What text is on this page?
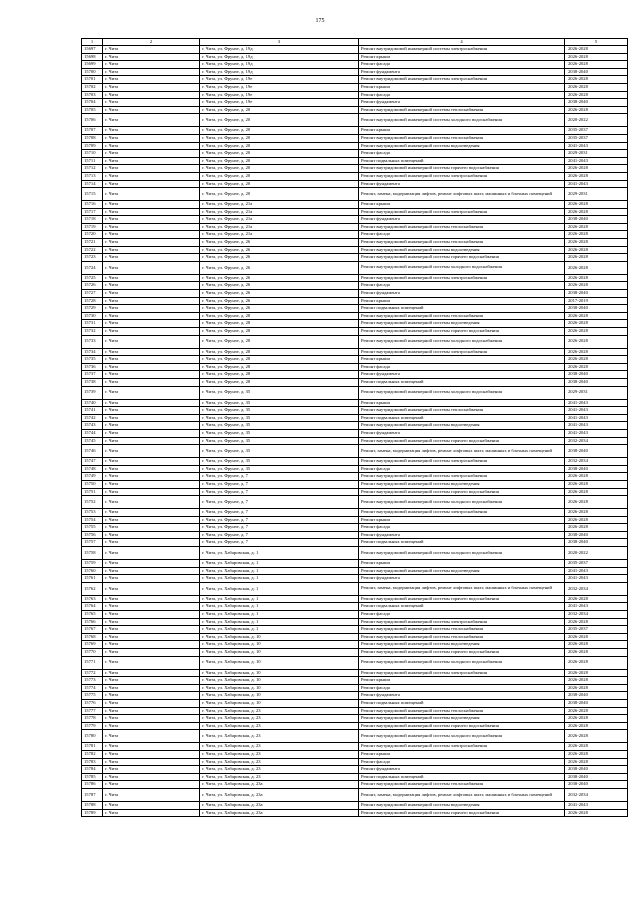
175
1	2	3	4	5
15697	г. Чита	г. Чита, ул. Фрунзе, д. 19д	Ремонт внутридомовой инженерной системы электроснабжения	2026-2028
15698	г. Чита	г. Чита, ул. Фрунзе, д. 19д	Ремонт крыши	2026-2028
15699	г. Чита	г. Чита, ул. Фрунзе, д. 19д	Ремонт фасада	2026-2028
15700	г. Чита	г. Чита, ул. Фрунзе, д. 19д	Ремонт фундамента	2038-2040
15701	г. Чита	г. Чита, ул. Фрунзе, д. 19е	Ремонт внутридомовой инженерной системы электроснабжения	2026-2028
15702	г. Чита	г. Чита, ул. Фрунзе, д. 19е	Ремонт крыши	2026-2028
15703	г. Чита	г. Чита, ул. Фрунзе, д. 19е	Ремонт фасада	2026-2028
15704	г. Чита	г. Чита, ул. Фрунзе, д. 19е	Ремонт фундамента	2038-2040
15705	г. Чита	г. Чита, ул. Фрунзе, д. 20	Ремонт внутридомовой инженерной системы теплоснабжения	2026-2028
15706	г. Чита	г. Чита, ул. Фрунзе, д. 20	Ремонт внутридомовой инженерной системы холодного водоснабжения	2020-2022
15707	г. Чита	г. Чита, ул. Фрунзе, д. 20	Ремонт крыши	2035-2037
15708	г. Чита	г. Чита, ул. Фрунзе, д. 20	Ремонт внутридомовой инженерной системы теплоснабжения	2035-2037
15709	г. Чита	г. Чита, ул. Фрунзе, д. 20	Ремонт внутридомовой инженерной системы водоотведения	2041-2043
15710	г. Чита	г. Чита, ул. Фрунзе, д. 20	Ремонт фасада	2029-2031
15711	г. Чита	г. Чита, ул. Фрунзе, д. 20	Ремонт подвальных помещений	2041-2043
15712	г. Чита	г. Чита, ул. Фрунзе, д. 20	Ремонт внутридомовой инженерной системы горячего водоснабжения	2026-2028
15713	г. Чита	г. Чита, ул. Фрунзе, д. 20	Ремонт внутридомовой инженерной системы электроснабжения	2026-2028
15714	г. Чита	г. Чита, ул. Фрунзе, д. 20	Ремонт фундамента	2041-2043
15715	г. Чита	г. Чита, ул. Фрунзе, д. 20	Ремонт, замена, модернизация лифтов, ремонт лифтовых шахт, машинных и блочных помещений	2029-2031
15716	г. Чита	г. Чита, ул. Фрунзе, д. 21а	Ремонт крыши	2026-2028
15717	г. Чита	г. Чита, ул. Фрунзе, д. 21а	Ремонт внутридомовой инженерной системы электроснабжения	2026-2028
15718	г. Чита	г. Чита, ул. Фрунзе, д. 21а	Ремонт фундамента	2038-2040
15719	г. Чита	г. Чита, ул. Фрунзе, д. 21а	Ремонт внутридомовой инженерной системы теплоснабжения	2026-2028
15720	г. Чита	г. Чита, ул. Фрунзе, д. 21а	Ремонт фасада	2026-2028
15721	г. Чита	г. Чита, ул. Фрунзе, д. 26	Ремонт внутридомовой инженерной системы теплоснабжения	2026-2028
15722	г. Чита	г. Чита, ул. Фрунзе, д. 26	Ремонт внутридомовой инженерной системы водоотведения	2026-2028
15723	г. Чита	г. Чита, ул. Фрунзе, д. 26	Ремонт внутридомовой инженерной системы горячего водоснабжения	2026-2028
15724	г. Чита	г. Чита, ул. Фрунзе, д. 26	Ремонт внутридомовой инженерной системы холодного водоснабжения	2026-2028
15725	г. Чита	г. Чита, ул. Фрунзе, д. 26	Ремонт внутридомовой инженерной системы электроснабжения	2026-2028
15726	г. Чита	г. Чита, ул. Фрунзе, д. 26	Ремонт фасада	2026-2028
15727	г. Чита	г. Чита, ул. Фрунзе, д. 26	Ремонт фундамента	2038-2040
15728	г. Чита	г. Чита, ул. Фрунзе, д. 26	Ремонт крыши	2017-2019
15729	г. Чита	г. Чита, ул. Фрунзе, д. 26	Ремонт подвальных помещений	2038-2040
15730	г. Чита	г. Чита, ул. Фрунзе, д. 28	Ремонт внутридомовой инженерной системы теплоснабжения	2026-2028
15731	г. Чита	г. Чита, ул. Фрунзе, д. 28	Ремонт внутридомовой инженерной системы водоотведения	2026-2028
15732	г. Чита	г. Чита, ул. Фрунзе, д. 28	Ремонт внутридомовой инженерной системы горячего водоснабжения	2026-2028
15733	г. Чита	г. Чита, ул. Фрунзе, д. 28	Ремонт внутридомовой инженерной системы холодного водоснабжения	2026-2028
15734	г. Чита	г. Чита, ул. Фрунзе, д. 28	Ремонт внутридомовой инженерной системы электроснабжения	2026-2028
15735	г. Чита	г. Чита, ул. Фрунзе, д. 28	Ремонт крыши	2026-2028
15736	г. Чита	г. Чита, ул. Фрунзе, д. 28	Ремонт фасада	2026-2028
15737	г. Чита	г. Чита, ул. Фрунзе, д. 28	Ремонт фундамента	2038-2040
15738	г. Чита	г. Чита, ул. Фрунзе, д. 28	Ремонт подвальных помещений	2038-2040
15739	г. Чита	г. Чита, ул. Фрунзе, д. 35	Ремонт внутридомовой инженерной системы холодного водоснабжения	2029-2031
15740	г. Чита	г. Чита, ул. Фрунзе, д. 35	Ремонт крыши	2041-2043
15741	г. Чита	г. Чита, ул. Фрунзе, д. 35	Ремонт внутридомовой инженерной системы теплоснабжения	2041-2043
15742	г. Чита	г. Чита, ул. Фрунзе, д. 35	Ремонт подвальных помещений	2041-2043
15743	г. Чита	г. Чита, ул. Фрунзе, д. 35	Ремонт внутридомовой инженерной системы водоотведения	2041-2043
15744	г. Чита	г. Чита, ул. Фрунзе, д. 35	Ремонт фундамента	2041-2043
15745	г. Чита	г. Чита, ул. Фрунзе, д. 35	Ремонт внутридомовой инженерной системы горячего водоснабжения	2032-2034
15746	г. Чита	г. Чита, ул. Фрунзе, д. 35	Ремонт, замена, модернизация лифтов, ремонт лифтовых шахт, машинных и блочных помещений	2038-2040
15747	г. Чита	г. Чита, ул. Фрунзе, д. 35	Ремонт внутридомовой инженерной системы электроснабжения	2032-2034
15748	г. Чита	г. Чита, ул. Фрунзе, д. 35	Ремонт фасада	2038-2040
15749	г. Чита	г. Чита, ул. Фрунзе, д. 7	Ремонт внутридомовой инженерной системы электроснабжения	2026-2028
15750	г. Чита	г. Чита, ул. Фрунзе, д. 7	Ремонт внутридомовой инженерной системы водоотведения	2026-2028
15751	г. Чита	г. Чита, ул. Фрунзе, д. 7	Ремонт внутридомовой инженерной системы горячего водоснабжения	2026-2028
15752	г. Чита	г. Чита, ул. Фрунзе, д. 7	Ремонт внутридомовой инженерной системы холодного водоснабжения	2026-2028
15753	г. Чита	г. Чита, ул. Фрунзе, д. 7	Ремонт внутридомовой инженерной системы электроснабжения	2026-2028
15754	г. Чита	г. Чита, ул. Фрунзе, д. 7	Ремонт крыши	2026-2028
15755	г. Чита	г. Чита, ул. Фрунзе, д. 7	Ремонт фасада	2026-2028
15756	г. Чита	г. Чита, ул. Фрунзе, д. 7	Ремонт фундамента	2038-2040
15757	г. Чита	г. Чита, ул. Фрунзе, д. 7	Ремонт подвальных помещений	2038-2040
15758	г. Чита	г. Чита, ул. Хабаровская, д. 1	Ремонт внутридомовой инженерной системы холодного водоснабжения	2020-2022
15759	г. Чита	г. Чита, ул. Хабаровская, д. 1	Ремонт крыши	2035-2037
15760	г. Чита	г. Чита, ул. Хабаровская, д. 1	Ремонт внутридомовой инженерной системы водоотведения	2041-2043
15761	г. Чита	г. Чита, ул. Хабаровская, д. 1	Ремонт фундамента	2041-2043
15762	г. Чита	г. Чита, ул. Хабаровская, д. 1	Ремонт, замена, модернизация лифтов, ремонт лифтовых шахт, машинных и блочных помещений	2032-2034
15763	г. Чита	г. Чита, ул. Хабаровская, д. 1	Ремонт внутридомовой инженерной системы горячего водоснабжения	2026-2028
15764	г. Чита	г. Чита, ул. Хабаровская, д. 1	Ремонт подвальных помещений	2041-2043
15765	г. Чита	г. Чита, ул. Хабаровская, д. 1	Ремонт фасада	2032-2034
15766	г. Чита	г. Чита, ул. Хабаровская, д. 1	Ремонт внутридомовой инженерной системы электроснабжения	2026-2028
15767	г. Чита	г. Чита, ул. Хабаровская, д. 1	Ремонт внутридомовой инженерной системы теплоснабжения	2035-2037
15768	г. Чита	г. Чита, ул. Хабаровская, д. 10	Ремонт внутридомовой инженерной системы теплоснабжения	2026-2028
15769	г. Чита	г. Чита, ул. Хабаровская, д. 10	Ремонт внутридомовой инженерной системы водоотведения	2026-2028
15770	г. Чита	г. Чита, ул. Хабаровская, д. 10	Ремонт внутридомовой инженерной системы горячего водоснабжения	2026-2028
15771	г. Чита	г. Чита, ул. Хабаровская, д. 10	Ремонт внутридомовой инженерной системы холодного водоснабжения	2026-2028
15772	г. Чита	г. Чита, ул. Хабаровская, д. 10	Ремонт внутридомовой инженерной системы электроснабжения	2026-2028
15773	г. Чита	г. Чита, ул. Хабаровская, д. 10	Ремонт крыши	2026-2028
15774	г. Чита	г. Чита, ул. Хабаровская, д. 10	Ремонт фасада	2026-2028
15775	г. Чита	г. Чита, ул. Хабаровская, д. 10	Ремонт фундамента	2038-2040
15776	г. Чита	г. Чита, ул. Хабаровская, д. 10	Ремонт подвальных помещений	2038-2040
15777	г. Чита	г. Чита, ул. Хабаровская, д. 23	Ремонт внутридомовой инженерной системы теплоснабжения	2026-2028
15778	г. Чита	г. Чита, ул. Хабаровская, д. 23	Ремонт внутридомовой инженерной системы водоотведения	2026-2028
15779	г. Чита	г. Чита, ул. Хабаровская, д. 23	Ремонт внутридомовой инженерной системы горячего водоснабжения	2026-2028
15780	г. Чита	г. Чита, ул. Хабаровская, д. 23	Ремонт внутридомовой инженерной системы холодного водоснабжения	2026-2028
15781	г. Чита	г. Чита, ул. Хабаровская, д. 23	Ремонт внутридомовой инженерной системы электроснабжения	2026-2028
15782	г. Чита	г. Чита, ул. Хабаровская, д. 23	Ремонт крыши	2026-2028
15783	г. Чита	г. Чита, ул. Хабаровская, д. 23	Ремонт фасада	2026-2028
15784	г. Чита	г. Чита, ул. Хабаровская, д. 23	Ремонт фундамента	2038-2040
15785	г. Чита	г. Чита, ул. Хабаровская, д. 23	Ремонт подвальных помещений	2038-2040
15786	г. Чита	г. Чита, ул. Хабаровская, д. 23а	Ремонт внутридомовой инженерной системы теплоснабжения	2038-2040
15787	г. Чита	г. Чита, ул. Хабаровская, д. 23а	Ремонт, замена, модернизация лифтов, ремонт лифтовых шахт, машинных и блочных помещений	2032-2034
15788	г. Чита	г. Чита, ул. Хабаровская, д. 23а	Ремонт внутридомовой инженерной системы водоотведения	2041-2043
15789	г. Чита	г. Чита, ул. Хабаровская, д. 23а	Ремонт внутридомовой инженерной системы горячего водоснабжения	2026-2028
